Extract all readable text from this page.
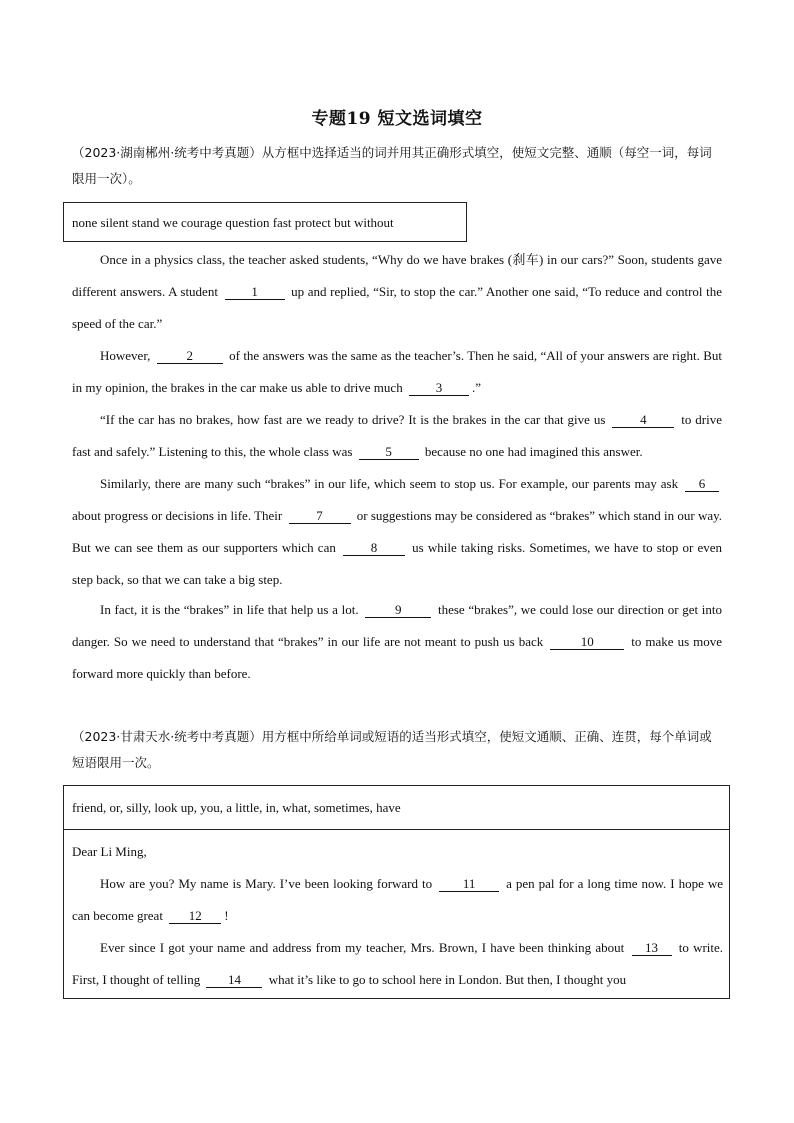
专题19 短文选词填空
（2023·湖南郴州·统考中考真题）从方框中选择适当的词并用其正确形式填空，使短文完整、通顺（每空一词，每词限用一次）。
none silent stand we courage question fast protect but without
Once in a physics class, the teacher asked students, “Why do we have brakes (刹车) in our cars?” Soon, students gave different answers. A student	1	up and replied, “Sir, to stop the car.” Another one said, “To reduce and control the speed of the car.”
However,	2	of the answers was the same as the teacher’s. Then he said, “All of your answers are right. But in my opinion, the brakes in the car make us able to drive much	3 .”
“If the car has no brakes, how fast are we ready to drive? It is the brakes in the car that give us	4	to drive fast and safely.” Listening to this, the whole class was	5	because no one had imagined this answer.
Similarly, there are many such “brakes” in our life, which seem to stop us. For example, our parents may ask 6 about progress or decisions in life. Their	7	or suggestions may be considered as “brakes” which stand in our way. But we can see them as our supporters which can	8	us while taking risks. Sometimes, we have to stop or even step back, so that we can take a big step.
In fact, it is the “brakes” in life that help us a lot.	9	these “brakes”, we could lose our direction or get into danger. So we need to understand that “brakes” in our life are not meant to push us back	10	to make us move forward more quickly than before.
（2023·甘肃天水·统考中考真题）用方框中所给单词或短语的适当形式填空，使短文通顺、正确、连贯，每个单词或短语限用一次。
friend, or, silly, look up, you, a little, in, what, sometimes, have
Dear Li Ming,
How are you? My name is Mary. I’ve been looking forward to 11 a pen pal for a long time now. I hope we can become great 12 !
Ever since I got your name and address from my teacher, Mrs. Brown, I have been thinking about 13 to write. First, I thought of telling 14 what it’s like to go to school here in London. But then, I thought you
